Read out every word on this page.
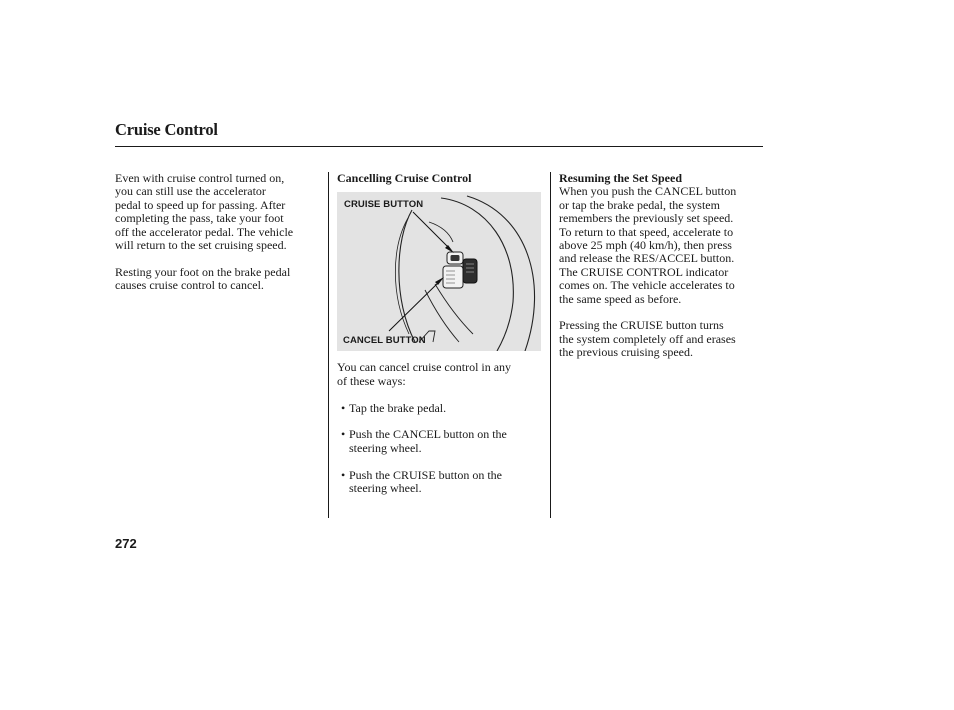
Cruise Control

Even with cruise control turned on,
you can still use the accelerator
pedal to speed up for passing. After
completing the pass, take your foot
off the accelerator pedal. The vehicle
will return to the set cruising speed.

Resting your foot on the brake pedal
causes cruise control to cancel.

Cancelling Cruise Control

CRUISE BUTTON
CANCEL BUTTON

You can cancel cruise control in any
of these ways:

• Tap the brake pedal.
• Push the CANCEL button on the
steering wheel.
• Push the CRUISE button on the
steering wheel.

Resuming the Set Speed

When you push the CANCEL button
or tap the brake pedal, the system
remembers the previously set speed.
To return to that speed, accelerate to
above 25 mph (40 km/h), then press
and release the RES/ACCEL button.
The CRUISE CONTROL indicator
comes on. The vehicle accelerates to
the same speed as before.

Pressing the CRUISE button turns
the system completely off and erases
the previous cruising speed.

272
